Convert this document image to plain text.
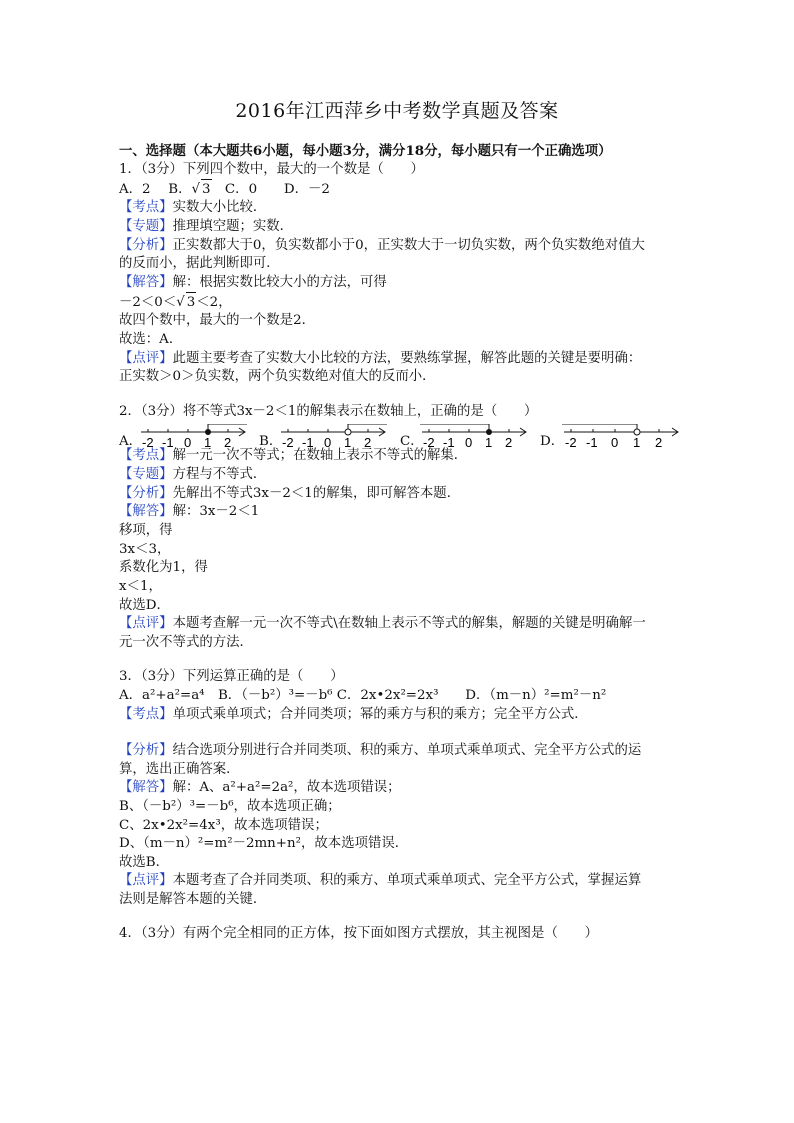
2016年江西萍乡中考数学真题及答案
一、选择题（本大题共6小题，每小题3分，满分18分，每小题只有一个正确选项）
1．（3分）下列四个数中，最大的一个数是（　　）
A．2　 B．√ 3　C．0　　D．－2
【考点】实数大小比较．
【专题】推理填空题；实数．
【分析】正实数都大于0，负实数都小于0，正实数大于一切负实数，两个负实数绝对值大
的反而小，据此判断即可．
【解答】解：根据实数比较大小的方法，可得
－2＜0＜√ 3＜2，
故四个数中，最大的一个数是2．
故选：A．
【点评】此题主要考查了实数大小比较的方法，要熟练掌握，解答此题的关键是要明确：
正实数＞0＞负实数，两个负实数绝对值大的反而小．
2．（3分）将不等式3x－2＜1的解集表示在数轴上，正确的是（　　）
A．	B．	C．	D．
-2 -1 0 1 2	-2 -1 0 1 2	-2 -1 0 1 2	-2 -1 0 1 2
【考点】解一元一次不等式；在数轴上表示不等式的解集．
【专题】方程与不等式．
【分析】先解出不等式3x－2＜1的解集，即可解答本题．
【解答】解：3x－2＜1
移项，得
3x＜3，
系数化为1，得
x＜1，
故选D．
【点评】本题考查解一元一次不等式\在数轴上表示不等式的解集，解题的关键是明确解一
元一次不等式的方法．
3．（3分）下列运算正确的是（　　）
A．a²+a²=a⁴　B．（－b²）³=－b⁶ C．2x•2x²=2x³　　D．（m－n）²=m²－n²
【考点】单项式乘单项式；合并同类项；幂的乘方与积的乘方；完全平方公式．
【分析】结合选项分别进行合并同类项、积的乘方、单项式乘单项式、完全平方公式的运
算，选出正确答案．
【解答】解：A、a²+a²=2a²，故本选项错误；
B、（－b²）³=－b⁶，故本选项正确；
C、2x•2x²=4x³，故本选项错误；
D、（m－n）²=m²－2mn+n²，故本选项错误．
故选B．
【点评】本题考查了合并同类项、积的乘方、单项式乘单项式、完全平方公式，掌握运算
法则是解答本题的关键．
4．（3分）有两个完全相同的正方体，按下面如图方式摆放，其主视图是（　　）
